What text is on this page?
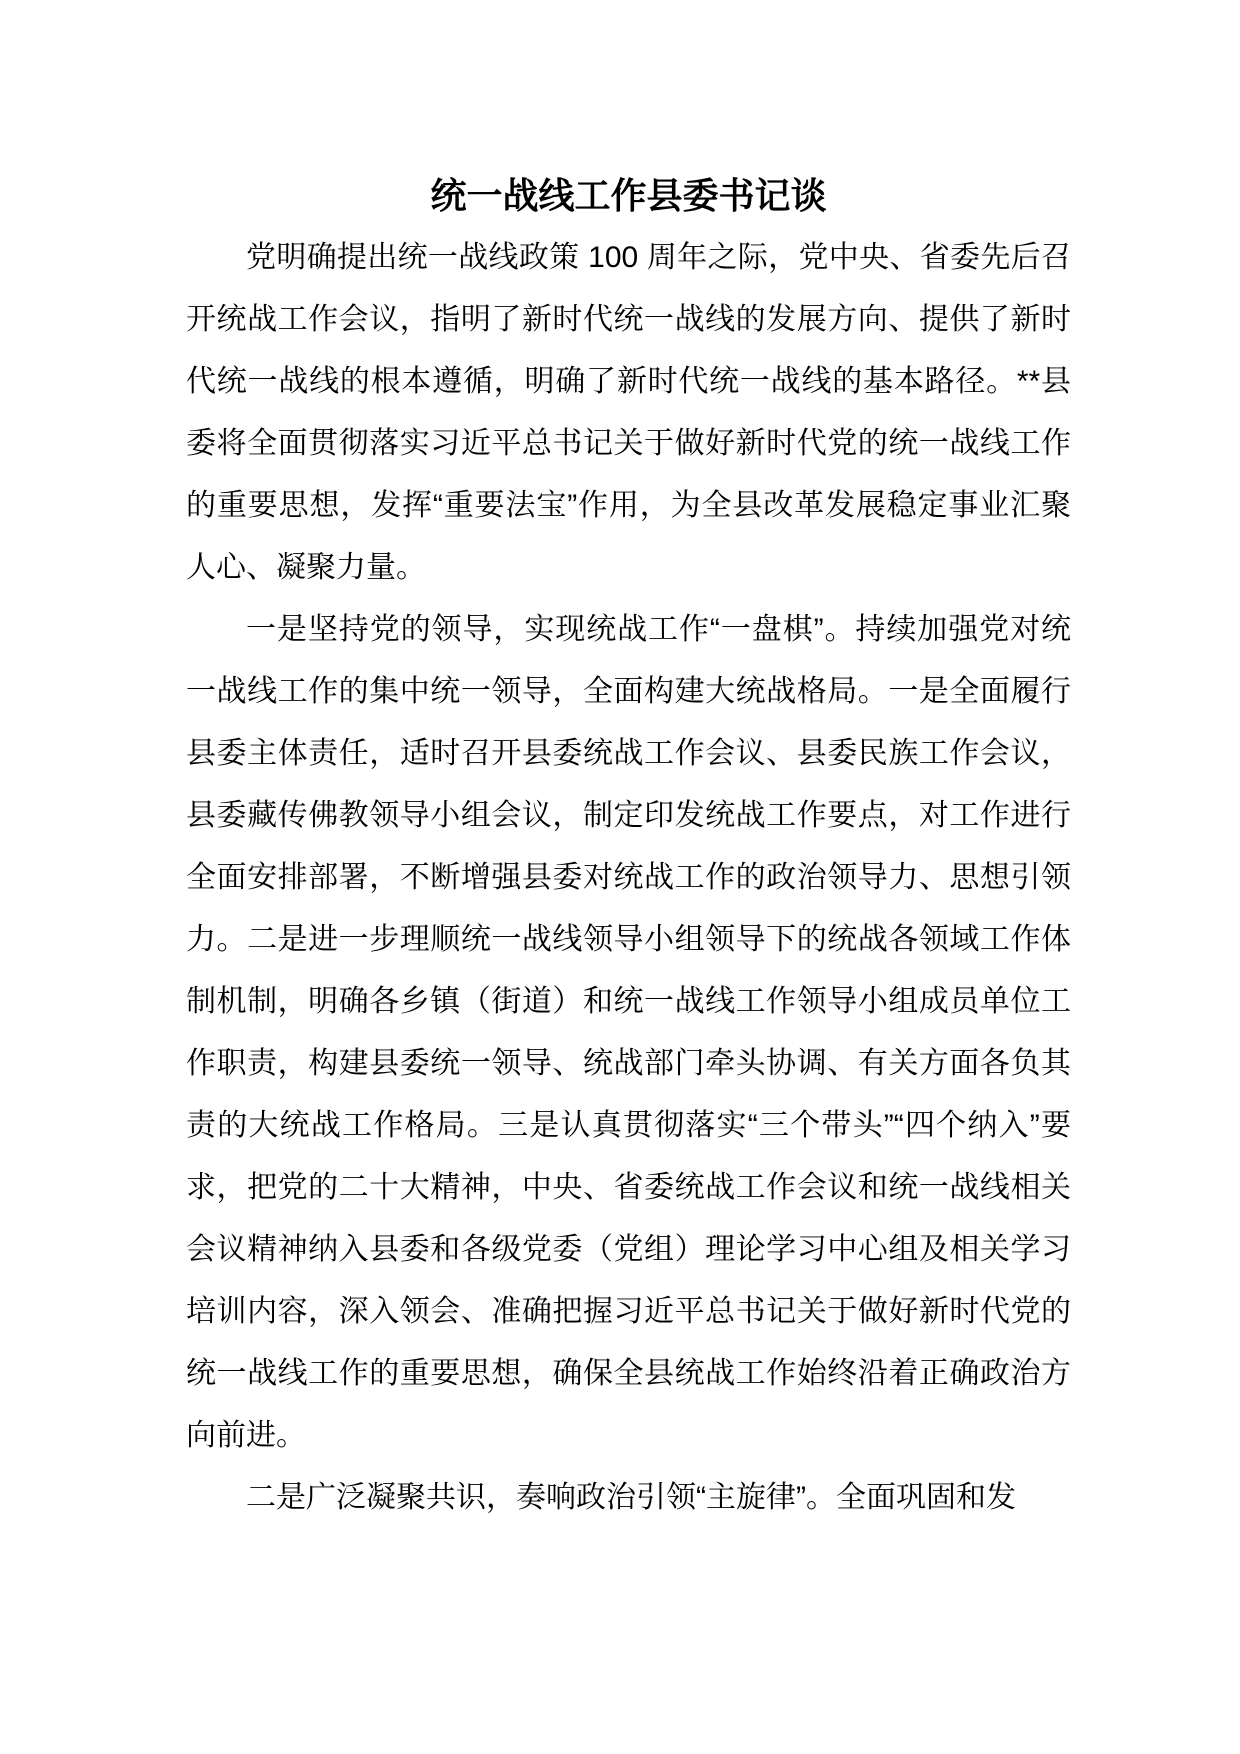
统一战线工作县委书记谈

党明确提出统一战线政策 100 周年之际，党中央、省委先后召开统战工作会议，指明了新时代统一战线的发展方向、提供了新时代统一战线的根本遵循，明确了新时代统一战线的基本路径。**县委将全面贯彻落实习近平总书记关于做好新时代党的统一战线工作的重要思想，发挥“重要法宝”作用，为全县改革发展稳定事业汇聚人心、凝聚力量。

一是坚持党的领导，实现统战工作“一盘棋”。持续加强党对统一战线工作的集中统一领导，全面构建大统战格局。一是全面履行县委主体责任，适时召开县委统战工作会议、县委民族工作会议，县委藏传佛教领导小组会议，制定印发统战工作要点，对工作进行全面安排部署，不断增强县委对统战工作的政治领导力、思想引领力。二是进一步理顺统一战线领导小组领导下的统战各领域工作体制机制，明确各乡镇（街道）和统一战线工作领导小组成员单位工作职责，构建县委统一领导、统战部门牵头协调、有关方面各负其责的大统战工作格局。三是认真贯彻落实“三个带头”“四个纳入”要求，把党的二十大精神，中央、省委统战工作会议和统一战线相关会议精神纳入县委和各级党委（党组）理论学习中心组及相关学习培训内容，深入领会、准确把握习近平总书记关于做好新时代党的统一战线工作的重要思想，确保全县统战工作始终沿着正确政治方向前进。

二是广泛凝聚共识，奏响政治引领“主旋律”。全面巩固和发
